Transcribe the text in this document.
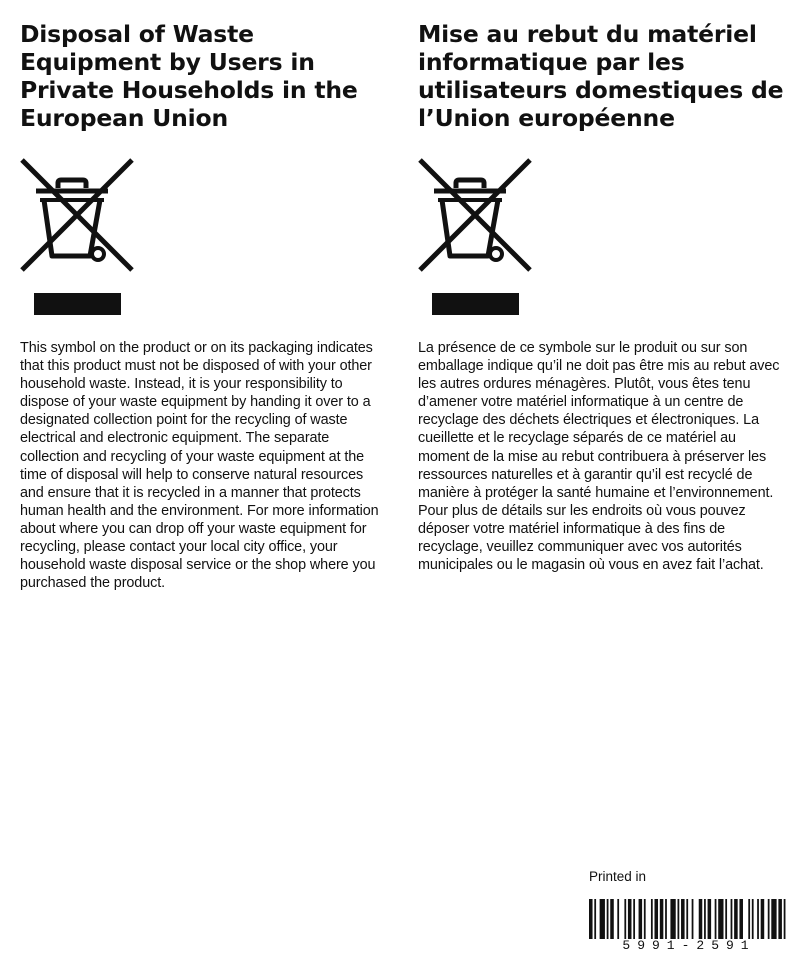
Disposal of Waste Equipment by Users in Private Households in the European Union

This symbol on the product or on its packaging indicates that this product must not be disposed of with your other household waste. Instead, it is your responsibility to dispose of your waste equipment by handing it over to a designated collection point for the recycling of waste electrical and electronic equipment. The separate collection and recycling of your waste equipment at the time of disposal will help to conserve natural resources and ensure that it is recycled in a manner that protects human health and the environment. For more information about where you can drop off your waste equipment for recycling, please contact your local city office, your household waste disposal service or the shop where you purchased the product.

Mise au rebut du matériel informatique par les utilisateurs domestiques de l’Union européenne

La présence de ce symbole sur le produit ou sur son emballage indique qu’il ne doit pas être mis au rebut avec les autres ordures ménagères. Plutôt, vous êtes tenu d’amener votre matériel informatique à un centre de recyclage des déchets électriques et électroniques. La cueillette et le recyclage séparés de ce matériel au moment de la mise au rebut contribuera à préserver les ressources naturelles et à garantir qu’il est recyclé de manière à protéger la santé humaine et l’environnement. Pour plus de détails sur les endroits où vous pouvez déposer votre matériel informatique à des fins de recyclage, veuillez communiquer avec vos autorités municipales ou le magasin où vous en avez fait l’achat.

Printed in

5991-2591
